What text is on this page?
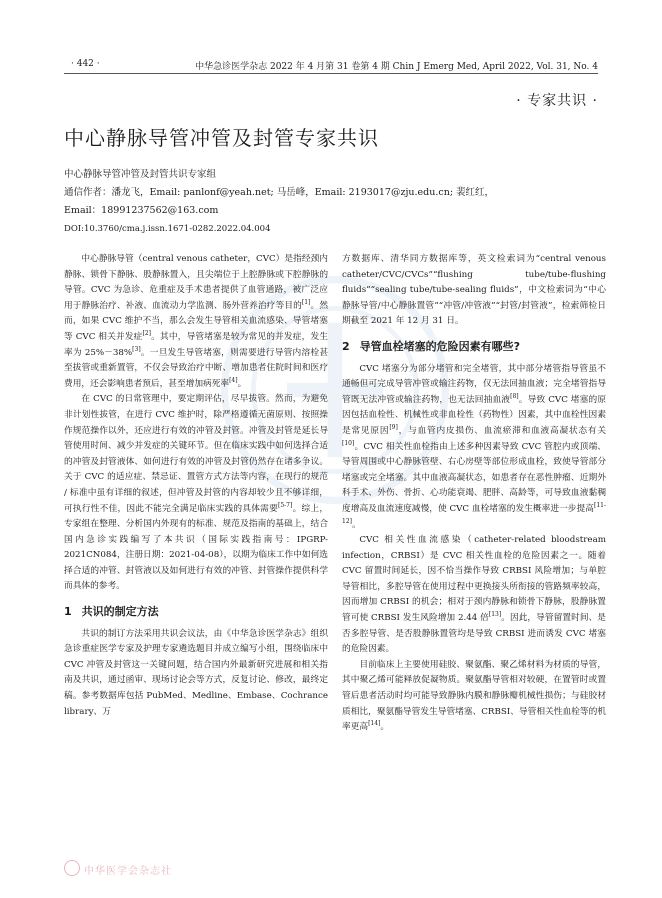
· 442 ·	中华急诊医学杂志 2022 年 4 月第 31 卷第 4 期 Chin J Emerg Med, April 2022, Vol. 31, No. 4
· 专家共识 ·
中心静脉导管冲管及封管专家共识
中心静脉导管冲管及封管共识专家组
通信作者：潘龙飞，Email: panlonf@yeah.net; 马岳峰，Email: 2193017@zju.edu.cn; 裴红红，
Email：18991237562@163.com
DOI:10.3760/cma.j.issn.1671-0282.2022.04.004

中心静脉导管（central venous catheter，CVC）是指经颈内静脉、锁骨下静脉、股静脉置入，且尖端位于上腔静脉或下腔静脉的导管。CVC 为急诊、危重症及手术患者提供了血管通路，被广泛应用于静脉治疗、补液、血流动力学监测、肠外营养治疗等目的[1]。然而，如果 CVC 维护不当，那么会发生导管相关血流感染、导管堵塞等 CVC 相关并发症[2]。其中，导管堵塞是较为常见的并发症，发生率为 25%－38%[3]。一旦发生导管堵塞，则需要进行导管内溶栓甚至拔管或重新置管，不仅会导致治疗中断、增加患者住院时间和医疗费用，还会影响患者预后，甚至增加病死率[4]。

在 CVC 的日常管理中，要定期评估，尽早拔管。然而，为避免非计划性拔管，在进行 CVC 维护时，除严格遵循无菌原则、按照操作规范操作以外，还应进行有效的冲管及封管。冲管及封管是延长导管使用时间、减少并发症的关键环节。但在临床实践中如何选择合适的冲管及封管液体、如何进行有效的冲管及封管仍然存在诸多争议。关于 CVC 的适应症、禁忌证、置管方式方法等内容，在现行的规范 / 标准中虽有详细的叙述，但冲管及封管的内容却较少且不够详细，可执行性不佳，因此不能完全满足临床实践的具体需要[5-7]。综上，专家组在整理、分析国内外现有的标准、规范及指南的基础上，结合国内急诊实践编写了本共识（国际实践指南号：IPGRP-2021CN084，注册日期：2021-04-08），以期为临床工作中如何选择合适的冲管、封管液以及如何进行有效的冲管、封管操作提供科学而具体的参考。

1 共识的制定方法

共识的制订方法采用共识会议法，由《中华急诊医学杂志》组织急诊重症医学专家及护理专家遴选题目并成立编写小组，围绕临床中 CVC 冲管及封管这一关键问题，结合国内外最新研究进展和相关指南及共识，通过函审、现场讨论会等方式，反复讨论、修改，最终定稿。参考数据库包括 PubMed、Medline、Embase、Cochrance library、万

方数据库、清华同方数据库等，英文检索词为“central venous catheter/CVC/CVCs”“flushing tube/tube-flushing fluids”“sealing tube/tube-sealing fluids”，中文检索词为“中心静脉导管/中心静脉置管”“冲管/冲管液”“封管/封管液”，检索筛检日期截至 2021 年 12 月 31 日。

2 导管血栓堵塞的危险因素有哪些?

CVC 堵塞分为部分堵管和完全堵管，其中部分堵管指导管虽不通畅但可完成导管冲管或输注药物，仅无法回抽血液；完全堵管指导管既无法冲管或输注药物，也无法回抽血液[8]。导致 CVC 堵塞的原因包括血栓性、机械性或非血栓性（药物性）因素，其中血栓性因素是常见原因[9]，与血管内皮损伤、血流瘀滞和血液高凝状态有关[10]。CVC 相关性血栓指由上述多种因素导致 CVC 管腔内或顶端、导管周围或中心静脉管壁、右心房壁等部位形成血栓，致使导管部分堵塞或完全堵塞。其中血液高凝状态，如患者存在恶性肿瘤、近期外科手术、外伤、骨折、心功能衰竭、肥胖、高龄等，可导致血液黏稠度增高及血流速度减慢，使 CVC 血栓堵塞的发生概率进一步提高[11-12]。

CVC 相关性血流感染（catheter-related bloodstream infection，CRBSI）是 CVC 相关性血栓的危险因素之一。随着 CVC 留置时间延长，因不恰当操作导致 CRBSI 风险增加；与单腔导管相比，多腔导管在使用过程中更换接头所衔接的管路频率较高，因而增加 CRBSI 的机会；相对于颈内静脉和锁骨下静脉，股静脉置管可使 CRBSI 发生风险增加 2.44 倍[13]。因此，导管留置时间、是否多腔导管、是否股静脉置管均是导致 CRBSI 进而诱发 CVC 堵塞的危险因素。

目前临床上主要使用硅胶、聚氨酯、聚乙烯材料为材质的导管，其中聚乙烯可能释放促凝物质。聚氨酯导管相对较硬，在置管时或置管后患者活动时均可能导致静脉内膜和静脉瓣机械性损伤；与硅胶材质相比，聚氨酯导管发生导管堵塞、CRBSI、导管相关性血栓等的机率更高[14]。

中华医学会杂志社
